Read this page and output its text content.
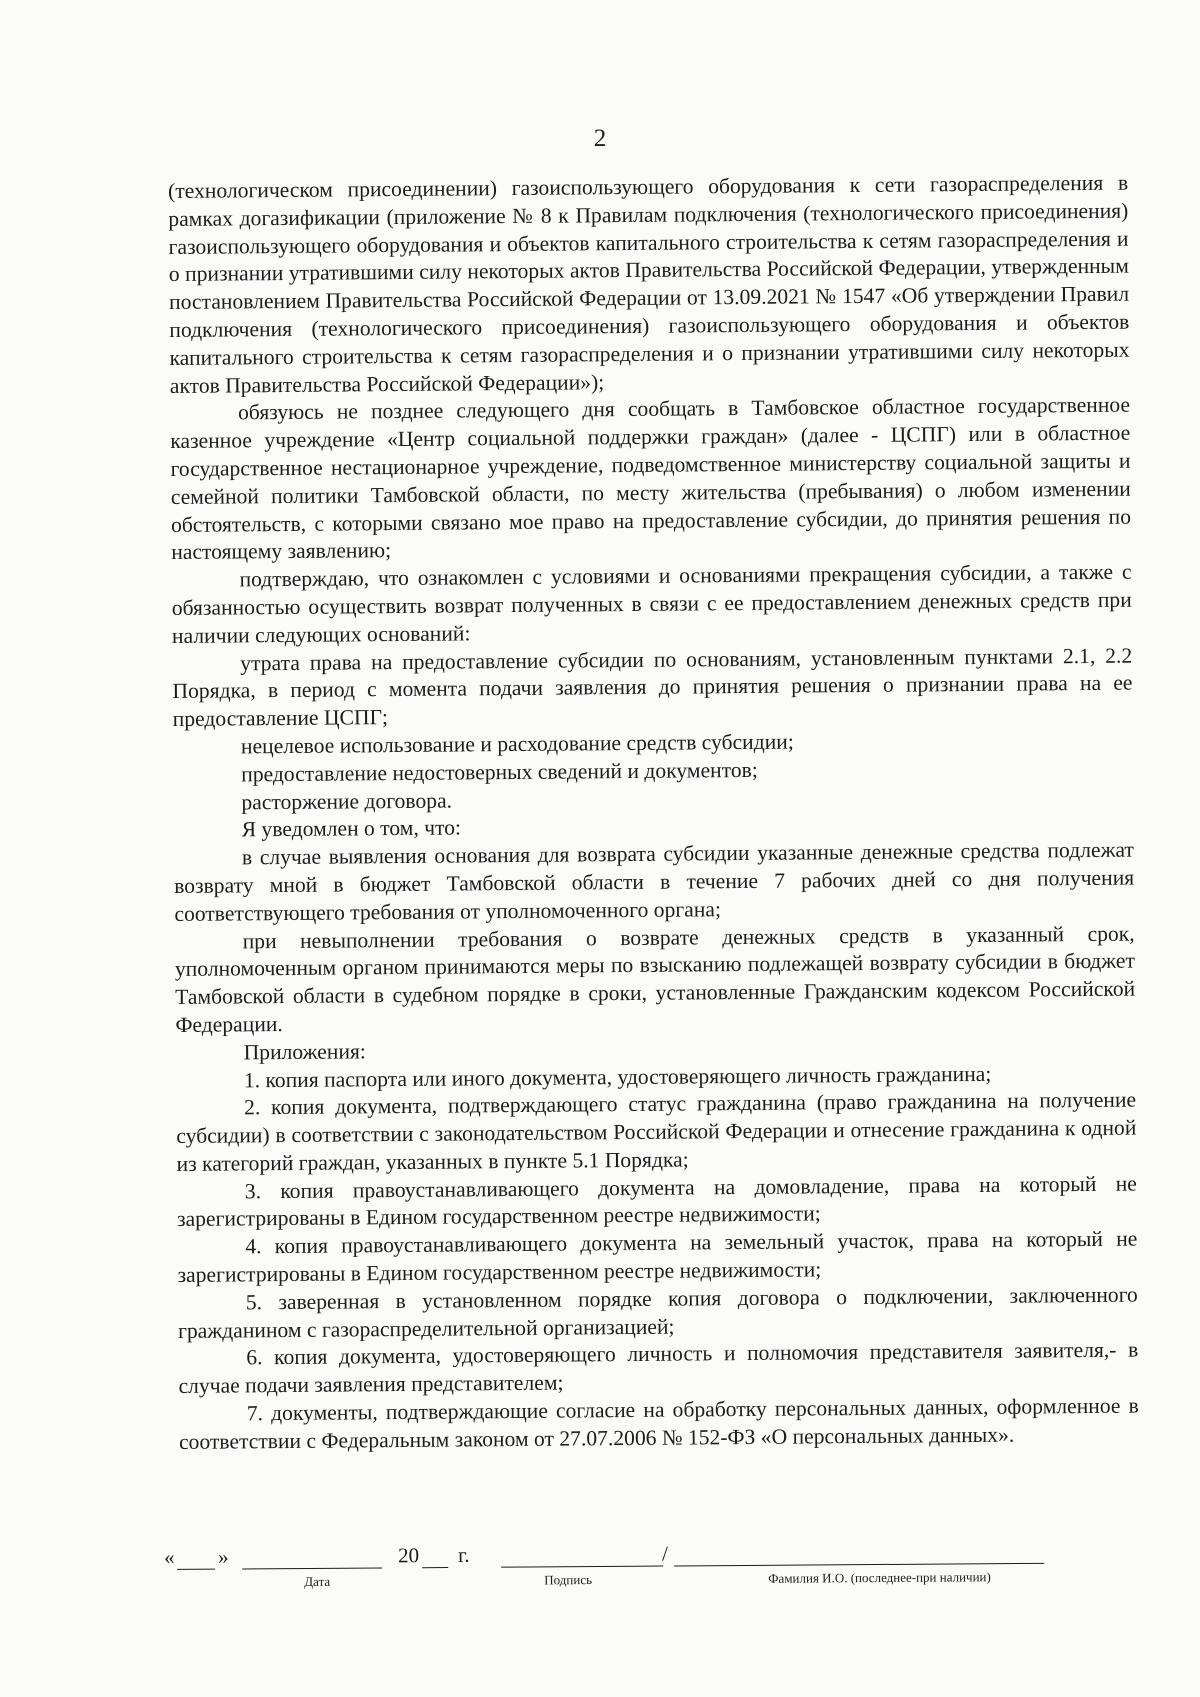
2

(технологическом присоединении) газоиспользующего оборудования к сети газораспределения в рамках догазификации (приложение № 8 к Правилам подключения (технологического присоединения) газоиспользующего оборудования и объектов капитального строительства к сетям газораспределения и о признании утратившими силу некоторых актов Правительства Российской Федерации, утвержденным постановлением Правительства Российской Федерации от 13.09.2021 № 1547 «Об утверждении Правил подключения (технологического присоединения) газоиспользующего оборудования и объектов капитального строительства к сетям газораспределения и о признании утратившими силу некоторых актов Правительства Российской Федерации»);

обязуюсь не позднее следующего дня сообщать в Тамбовское областное государственное казенное учреждение «Центр социальной поддержки граждан» (далее - ЦСПГ) или в областное государственное нестационарное учреждение, подведомственное министерству социальной защиты и семейной политики Тамбовской области, по месту жительства (пребывания) о любом изменении обстоятельств, с которыми связано мое право на предоставление субсидии, до принятия решения по настоящему заявлению;

подтверждаю, что ознакомлен с условиями и основаниями прекращения субсидии, а также с обязанностью осуществить возврат полученных в связи с ее предоставлением денежных средств при наличии следующих оснований:

утрата права на предоставление субсидии по основаниям, установленным пунктами 2.1, 2.2 Порядка, в период с момента подачи заявления до принятия решения о признании права на ее предоставление ЦСПГ;

нецелевое использование и расходование средств субсидии;

предоставление недостоверных сведений и документов;

расторжение договора.

Я уведомлен о том, что:

в случае выявления основания для возврата субсидии указанные денежные средства подлежат возврату мной в бюджет Тамбовской области в течение 7 рабочих дней со дня получения соответствующего требования от уполномоченного органа;

при невыполнении требования о возврате денежных средств в указанный срок, уполномоченным органом принимаются меры по взысканию подлежащей возврату субсидии в бюджет Тамбовской области в судебном порядке в сроки, установленные Гражданским кодексом Российской Федерации.

Приложения:

1. копия паспорта или иного документа, удостоверяющего личность гражданина;

2. копия документа, подтверждающего статус гражданина (право гражданина на получение субсидии) в соответствии с законодательством Российской Федерации и отнесение гражданина к одной из категорий граждан, указанных в пункте 5.1 Порядка;

3. копия правоустанавливающего документа на домовладение, права на который не зарегистрированы в Едином государственном реестре недвижимости;

4. копия правоустанавливающего документа на земельный участок, права на который не зарегистрированы в Едином государственном реестре недвижимости;

5. заверенная в установленном порядке копия договора о подключении, заключенного гражданином с газораспределительной организацией;

6. копия документа, удостоверяющего личность и полномочия представителя заявителя,- в случае подачи заявления представителем;

7. документы, подтверждающие согласие на обработку персональных данных, оформленное в соответствии с Федеральным законом от 27.07.2006 № 152-ФЗ «О персональных данных».

« »	20 г.	/
Дата	Подпись	Фамилия И.О. (последнее-при наличии)
